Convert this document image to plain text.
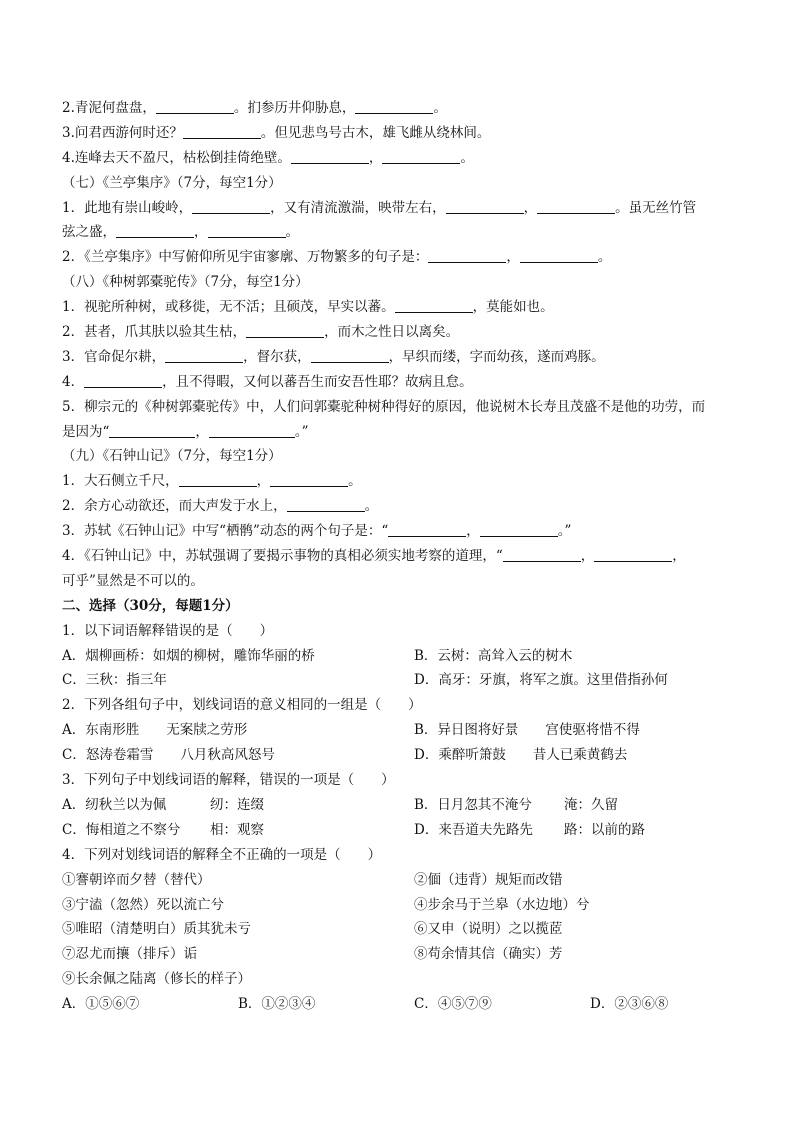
2.青泥何盘盘，	。扪参历井仰胁息，	。
3.问君西游何时还？	。但见悲鸟号古木，雄飞雌从绕林间。
4.连峰去天不盈尺，枯松倒挂倚绝壁。	，	。
（七）《兰亭集序》（7分，每空1分）
1．此地有崇山峻岭，	，又有清流激湍，映带左右，	，	。虽无丝竹管
弦之盛，	，	。
2．《兰亭集序》中写俯仰所见宇宙寥廓、万物繁多的句子是：	，	。
（八）《种树郭橐驼传》（7分，每空1分）
1．视驼所种树，或移徙，无不活；且硕茂，早实以蕃。	，莫能如也。
2．甚者，爪其肤以验其生枯，	，而木之性日以离矣。
3．官命促尔耕，	，督尔获，	，早织而缕，字而幼孩，遂而鸡豚。
4．	，且不得暇，又何以蕃吾生而安吾性耶？故病且怠。
5．柳宗元的《种树郭橐驼传》中，人们问郭橐驼种树种得好的原因，他说树木长寿且茂盛不是他的功劳，而
是因为“	，	。”
（九）《石钟山记》（7分，每空1分）
1．大石侧立千尺，	，	。
2．余方心动欲还，而大声发于水上，	。
3．苏轼《石钟山记》中写“栖鹘”动态的两个句子是：“	，	。”
4．《石钟山记》中，苏轼强调了要揭示事物的真相必须实地考察的道理，“	，	，
可乎”显然是不可以的。
二、选择（30分，每题1分）
1．以下词语解释错误的是（　　）
A．烟柳画桥：如烟的柳树，雕饰华丽的桥	B．云树：高耸入云的树木
C．三秋：指三年	D．高牙：牙旗，将军之旗。这里借指孙何
2．下列各组句子中，划线词语的意义相同的一组是（　　）
A．东南形胜　　无案牍之劳形	B．异日图将好景　　宫使驱将惜不得
C．怒涛卷霜雪　　八月秋高风怒号	D．乘醉听箫鼓　　昔人已乘黄鹤去
3．下列句子中划线词语的解释，错误的一项是（　　）
A．纫秋兰以为佩	纫：连缀	B．日月忽其不淹兮 淹：久留
C．悔相道之不察兮 相：观察	D．来吾道夫先路先 路：以前的路
4．下列对划线词语的解释全不正确的一项是（　　）
①謇朝谇而夕替（替代）	②偭（违背）规矩而改错
③宁溘（忽然）死以流亡兮	④步余马于兰皋（水边地）兮
⑤唯昭（清楚明白）质其犹未亏	⑥又申（说明）之以揽茝
⑦忍尤而攘（排斥）诟	⑧苟余情其信（确实）芳
⑨长余佩之陆离（修长的样子）
A．①⑤⑥⑦	B．①②③④	C．④⑤⑦⑨	D．②③⑥⑧
